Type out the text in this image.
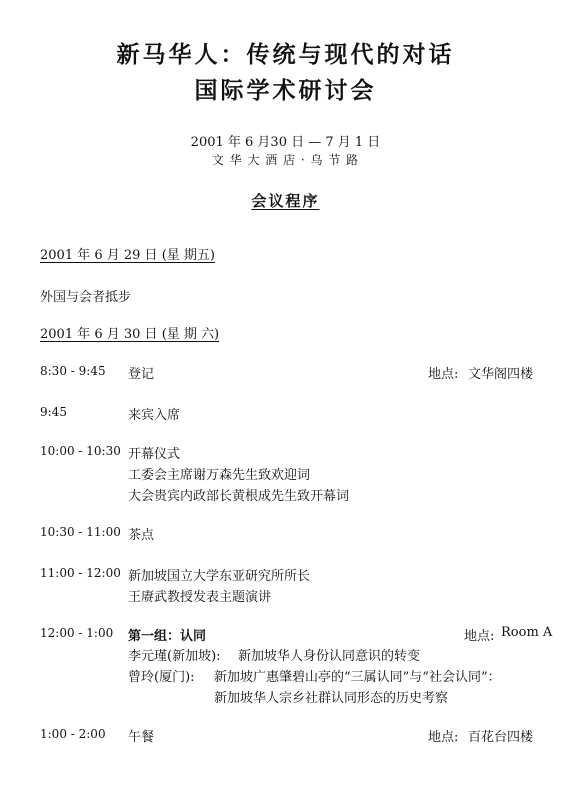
新马华人：传统与现代的对话
国际学术研讨会
2001 年 6 月30 日 — 7 月 1 日
文 华 大 酒 店 · 乌 节 路
会议程序
2001 年 6 月 29 日 (星 期五)
外国与会者抵步
2001 年 6 月 30 日 (星 期 六)
8:30 - 9:45 登记	地点: 文华阁四楼
9:45	来宾入席
10:00 - 10:30 开幕仪式
工委会主席谢万森先生致欢迎词
大会贵宾内政部长黄根成先生致开幕词
10:30 - 11:00 茶点
11:00 - 12:00 新加坡国立大学东亚研究所所长
王赓武教授发表主题演讲
12:00 - 1:00 第一组：认同	地点: Room A
李元瑾(新加坡): 新加坡华人身份认同意识的转变
曾玲(厦门): 新加坡广惠肇碧山亭的“三属认同”与“社会认同”：
新加坡华人宗乡社群认同形态的历史考察
1:00 - 2:00 午餐	地点: 百花台四楼
